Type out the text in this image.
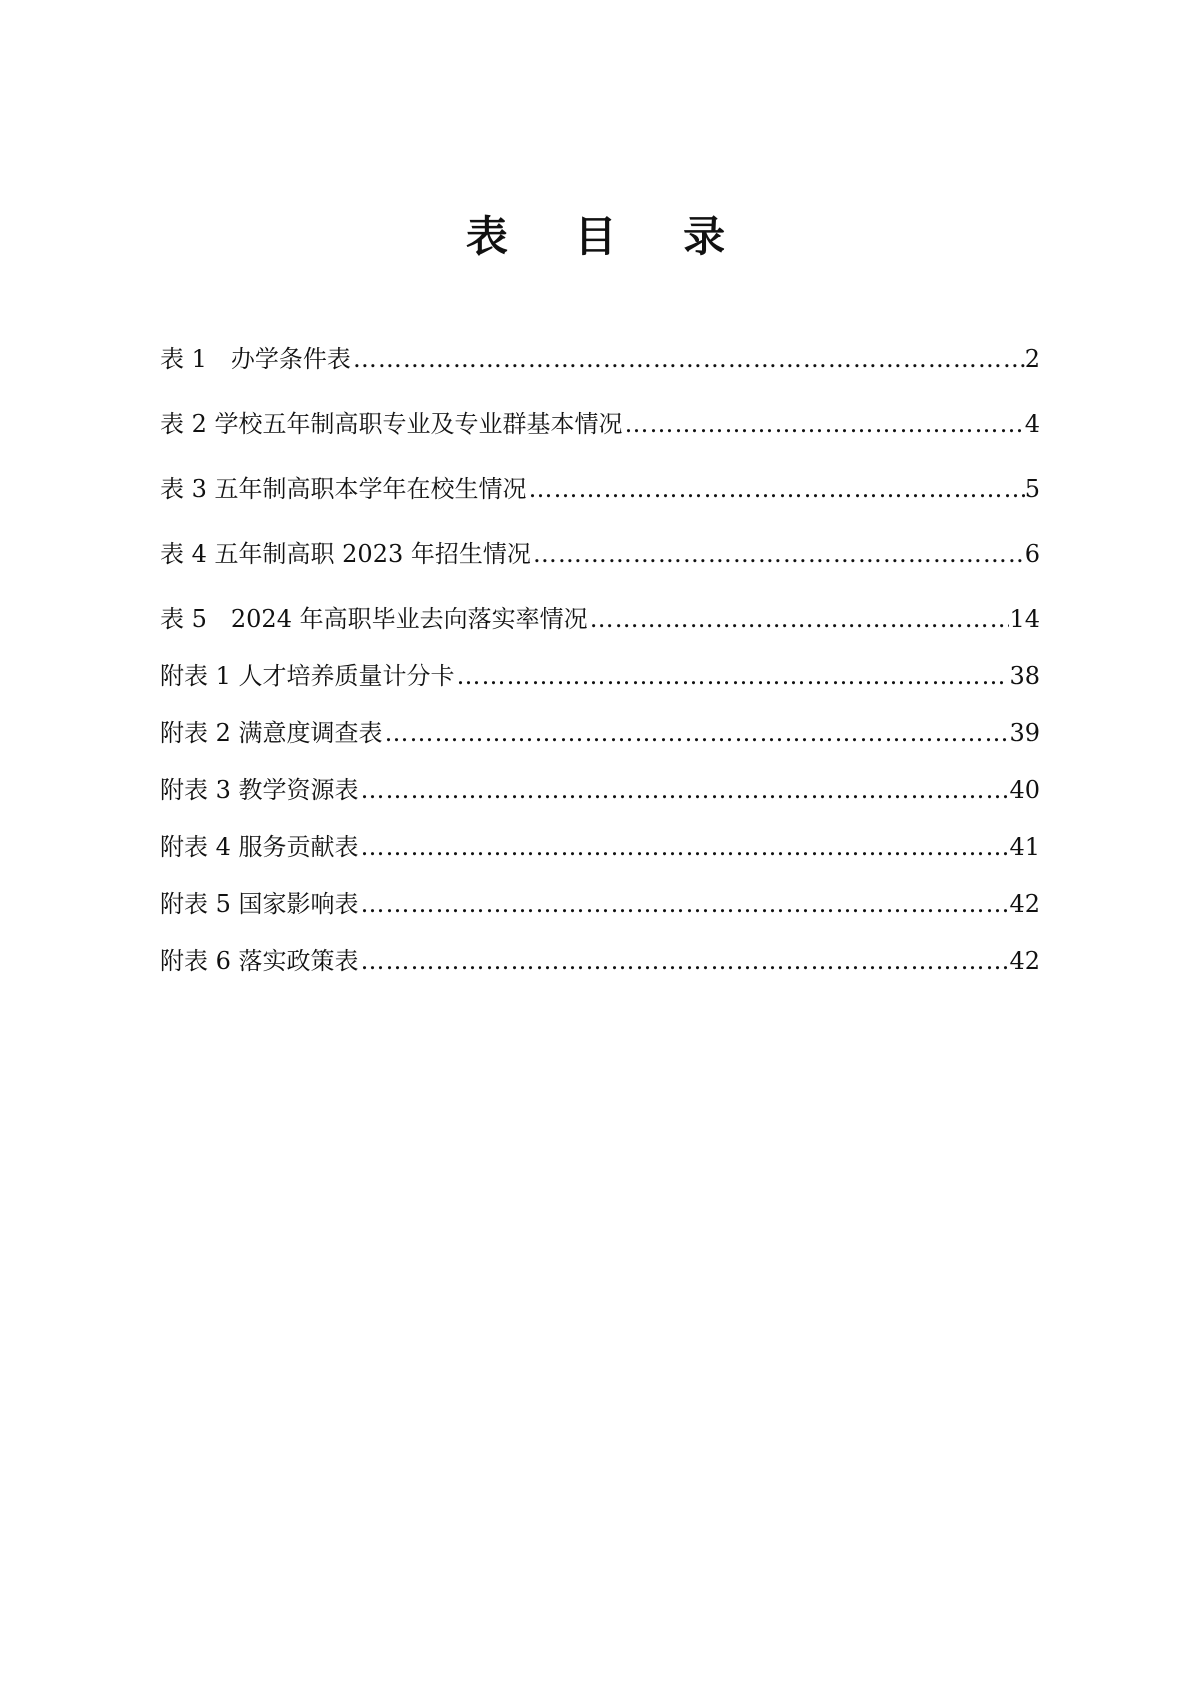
表 目 录
表 1　办学条件表 …………………………………………………………………………………………………………………………………………………………………………	2
表 2 学校五年制高职专业及专业群基本情况 …………………………………………………………………………………………………………………………………………………………………………	4
表 3 五年制高职本学年在校生情况 …………………………………………………………………………………………………………………………………………………………………………	5
表 4 五年制高职 2023 年招生情况 …………………………………………………………………………………………………………………………………………………………………………	6
表 5　2024 年高职毕业去向落实率情况 …………………………………………………………………………………………………………………………………………………………………………	14
附表 1 人才培养质量计分卡 …………………………………………………………………………………………………………………………………………………………………………	38
附表 2 满意度调查表 …………………………………………………………………………………………………………………………………………………………………………	39
附表 3 教学资源表 …………………………………………………………………………………………………………………………………………………………………………	40
附表 4 服务贡献表 …………………………………………………………………………………………………………………………………………………………………………	41
附表 5 国家影响表 …………………………………………………………………………………………………………………………………………………………………………	42
附表 6 落实政策表 …………………………………………………………………………………………………………………………………………………………………………	42
